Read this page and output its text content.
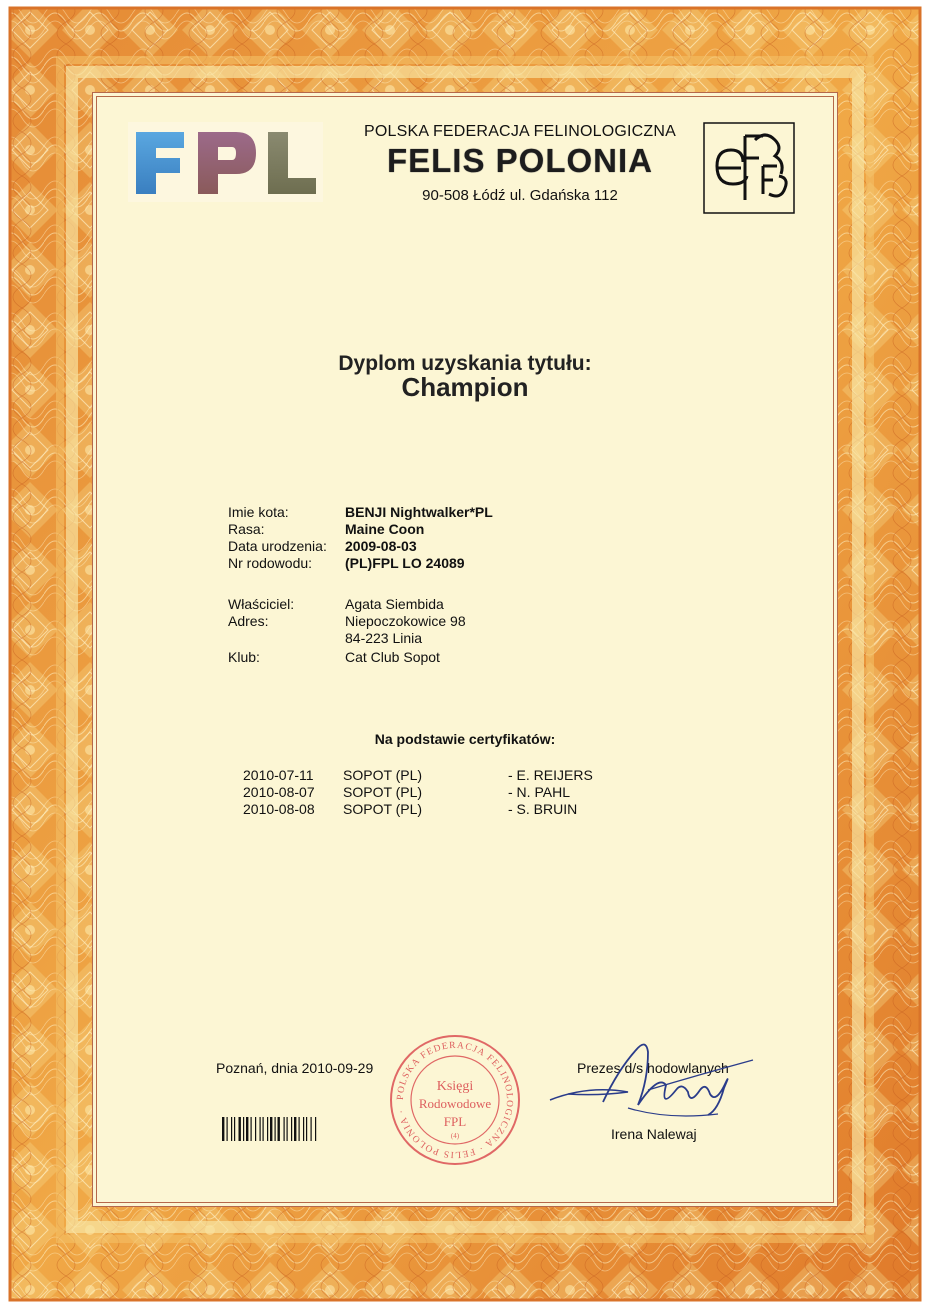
POLSKA FEDERACJA FELINOLOGICZNA
FELIS POLONIA
90-508 Łódź ul. Gdańska 112
Dyplom uzyskania tytułu:
Champion
Imie kota:	BENJI Nightwalker*PL
Rasa:	Maine Coon
Data urodzenia: 2009-08-03
Nr rodowodu: (PL)FPL LO 24089
Właściciel:	Agata Siembida
Adres:	Niepoczokowice 98
84-223 Linia
Klub:	Cat Club Sopot
Na podstawie certyfikatów:
2010-07-11 SOPOT (PL)	- E. REIJERS
2010-08-07 SOPOT (PL)	- N. PAHL
2010-08-08 SOPOT (PL)	- S. BRUIN
Poznań, dnia 2010-09-29
POLSKA FEDERACJA FELINOLOGICZNA · FELIS POLONIA ·
Księgi
Rodowodowe
FPL
(4)
Prezes d/s hodowlanych
Irena Nalewaj
